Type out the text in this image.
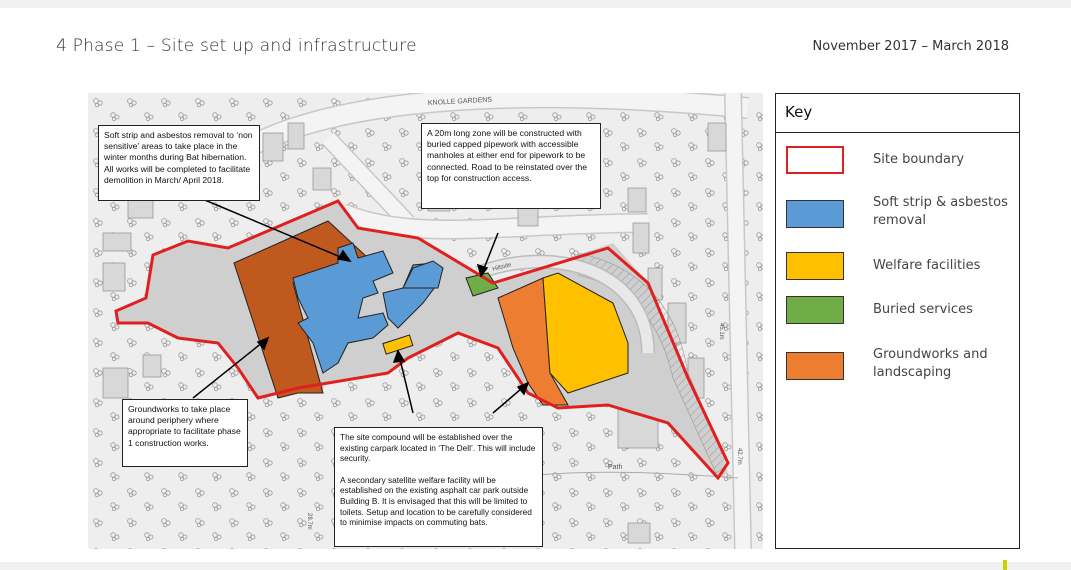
4 Phase 1 – Site set up and infrastructure	November 2017 – March 2018
KNOLLE GARDENS
Path
Hillside
45.1m
28.7m
42.7m

Soft strip and asbestos removal to ‘non sensitive’ areas to take place in the winter months during Bat hibernation. All works will be completed to facilitate demolition in March/ April 2018.

A 20m long zone will be constructed with buried capped pipework with accessible manholes at either end for pipework to be connected. Road to be reinstated over the top for construction access.

Groundworks to take place around periphery where appropriate to facilitate phase 1 construction works.

The site compound will be established over the existing carpark located in ‘The Dell’. This will include security.

A secondary satellite welfare facility will be established on the existing asphalt car park outside Building B. It is envisaged that this will be limited to toilets. Setup and location to be carefully considered to minimise impacts on commuting bats.

Key
Site boundary
Soft strip & asbestos removal
Welfare facilities
Buried services
Groundworks and landscaping
